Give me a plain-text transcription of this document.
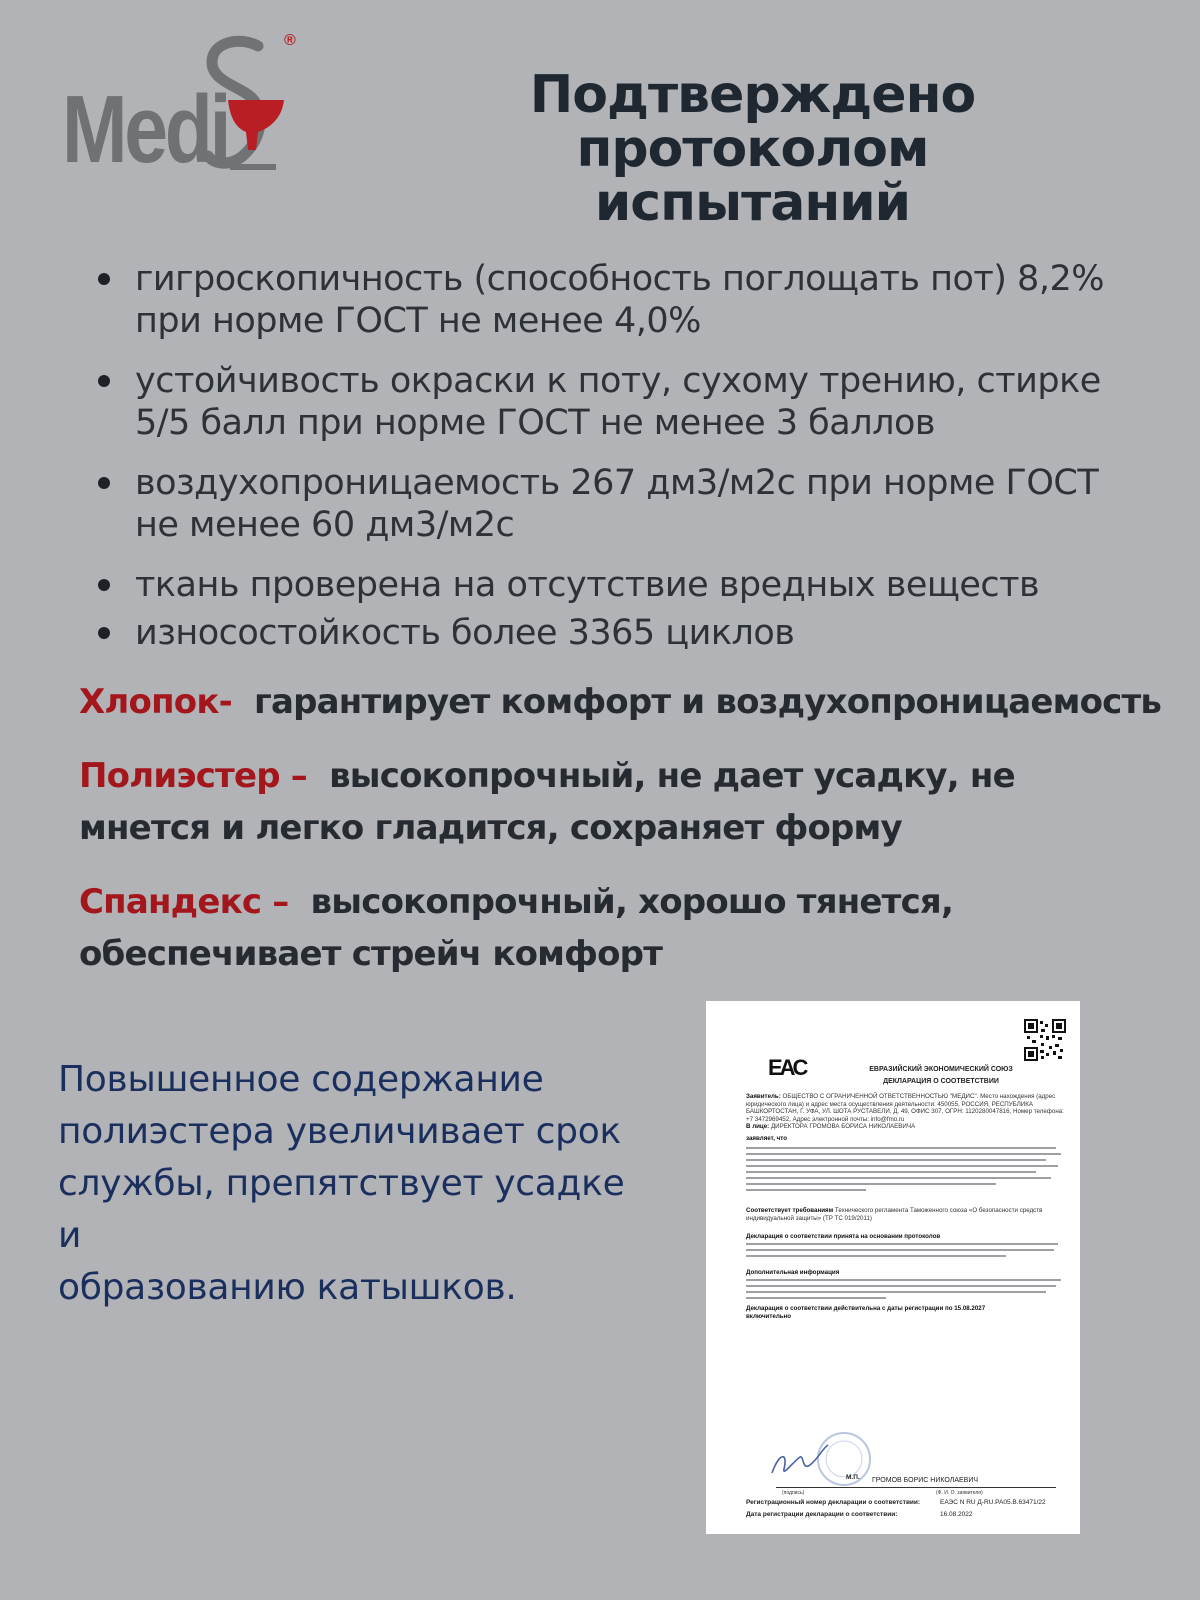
Medi
®
Подтверждено протоколом
испытаний
гигроскопичность (способность поглощать пот) 8,2%
при норме ГОСТ не менее 4,0%
устойчивость окраски к поту, сухому трению, стирке
5/5 балл при норме ГОСТ не менее 3 баллов
воздухопроницаемость 267 дм3/м2с при норме ГОСТ
не менее 60 дм3/м2с
ткань проверена на отсутствие вредных веществ
износостойкость более 3365 циклов
Хлопок- гарантирует комфорт и воздухопроницаемость
Полиэстер – высокопрочный, не дает усадку, не
мнется и легко гладится, сохраняет форму
Спандекс – высокопрочный, хорошо тянется,
обеспечивает стрейч комфорт
Повышенное содержание
полиэстера увеличивает срок
службы, препятствует усадке и
образованию катышков.
EAC	ЕВРАЗИЙСКИЙ ЭКОНОМИЧЕСКИЙ СОЮЗ
ДЕКЛАРАЦИЯ О СООТВЕТСТВИИ
Заявитель: ОБЩЕСТВО С ОГРАНИЧЕННОЙ ОТВЕТСТВЕННОСТЬЮ "МЕДИС". Место нахождения (адрес юридического лица) и адрес места осуществления деятельности: 450055, РОССИЯ, РЕСПУБЛИКА БАШКОРТОСТАН, Г. УФА, УЛ. ШОТА РУСТАВЕЛИ, Д. 49, ОФИС 307, ОГРН: 1120280047816, Номер телефона: +7 3472969452, Адрес электронной почты: info@fmo.ru
В лице: ДИРЕКТОРА ГРОМОВА БОРИСА НИКОЛАЕВИЧА
заявляет, что
Соответствует требованиям Технического регламента Таможенного союза «О безопасности средств индивидуальной защиты» (ТР ТС 019/2011)
Декларация о соответствии принята на основании протоколов
Дополнительная информация
Декларация о соответствии действительна с даты регистрации по 15.08.2027 включительно
М.П. ГРОМОВ БОРИС НИКОЛАЕВИЧ
(подпись)	(Ф. И. О. заявителя)
Регистрационный номер декларации о соответствии:	ЕАЭС N RU Д-RU.PA05.В.63471/22
Дата регистрации декларации о соответствии:	16.08.2022
